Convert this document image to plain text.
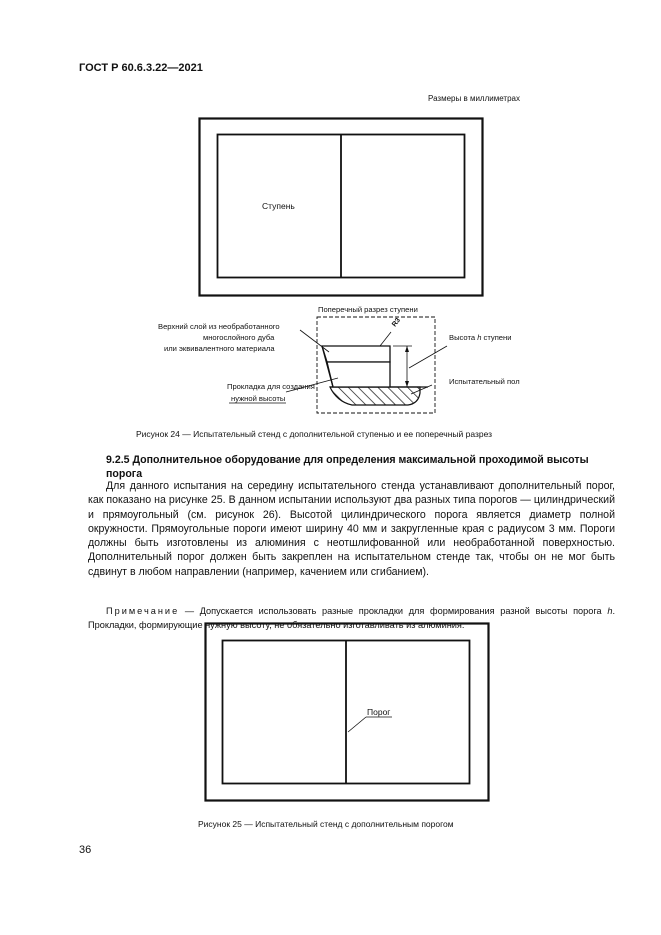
ГОСТ Р 60.6.3.22—2021
Размеры в миллиметрах
Ступень
Поперечный разрез ступени
Верхний слой из необработанного
многослойного дуба
или эквивалентного материала
Прокладка для создания
нужной высоты
Высота h ступени
Испытательный пол
R3
Рисунок 24 — Испытательный стенд с дополнительной ступенью и ее поперечный разрез
9.2.5 Дополнительное оборудование для определения максимальной проходимой высоты порога
Для данного испытания на середину испытательного стенда устанавливают дополнительный порог, как показано на рисунке 25. В данном испытании используют два разных типа порогов — цилиндрический и прямоугольный (см. рисунок 26). Высотой цилиндрического порога является диаметр полной окружности. Прямоугольные пороги имеют ширину 40 мм и закругленные края с радиусом 3 мм. Пороги должны быть изготовлены из алюминия с неотшлифованной или необработанной поверхностью. Дополнительный порог должен быть закреплен на испытательном стенде так, чтобы он не мог быть сдвинут в любом направлении (например, качением или сгибанием).
Примечание — Допускается использовать разные прокладки для формирования разной высоты порога h. Прокладки, формирующие нужную высоту, не обязательно изготавливать из алюминия.
Порог
Рисунок 25 — Испытательный стенд с дополнительным порогом
36
